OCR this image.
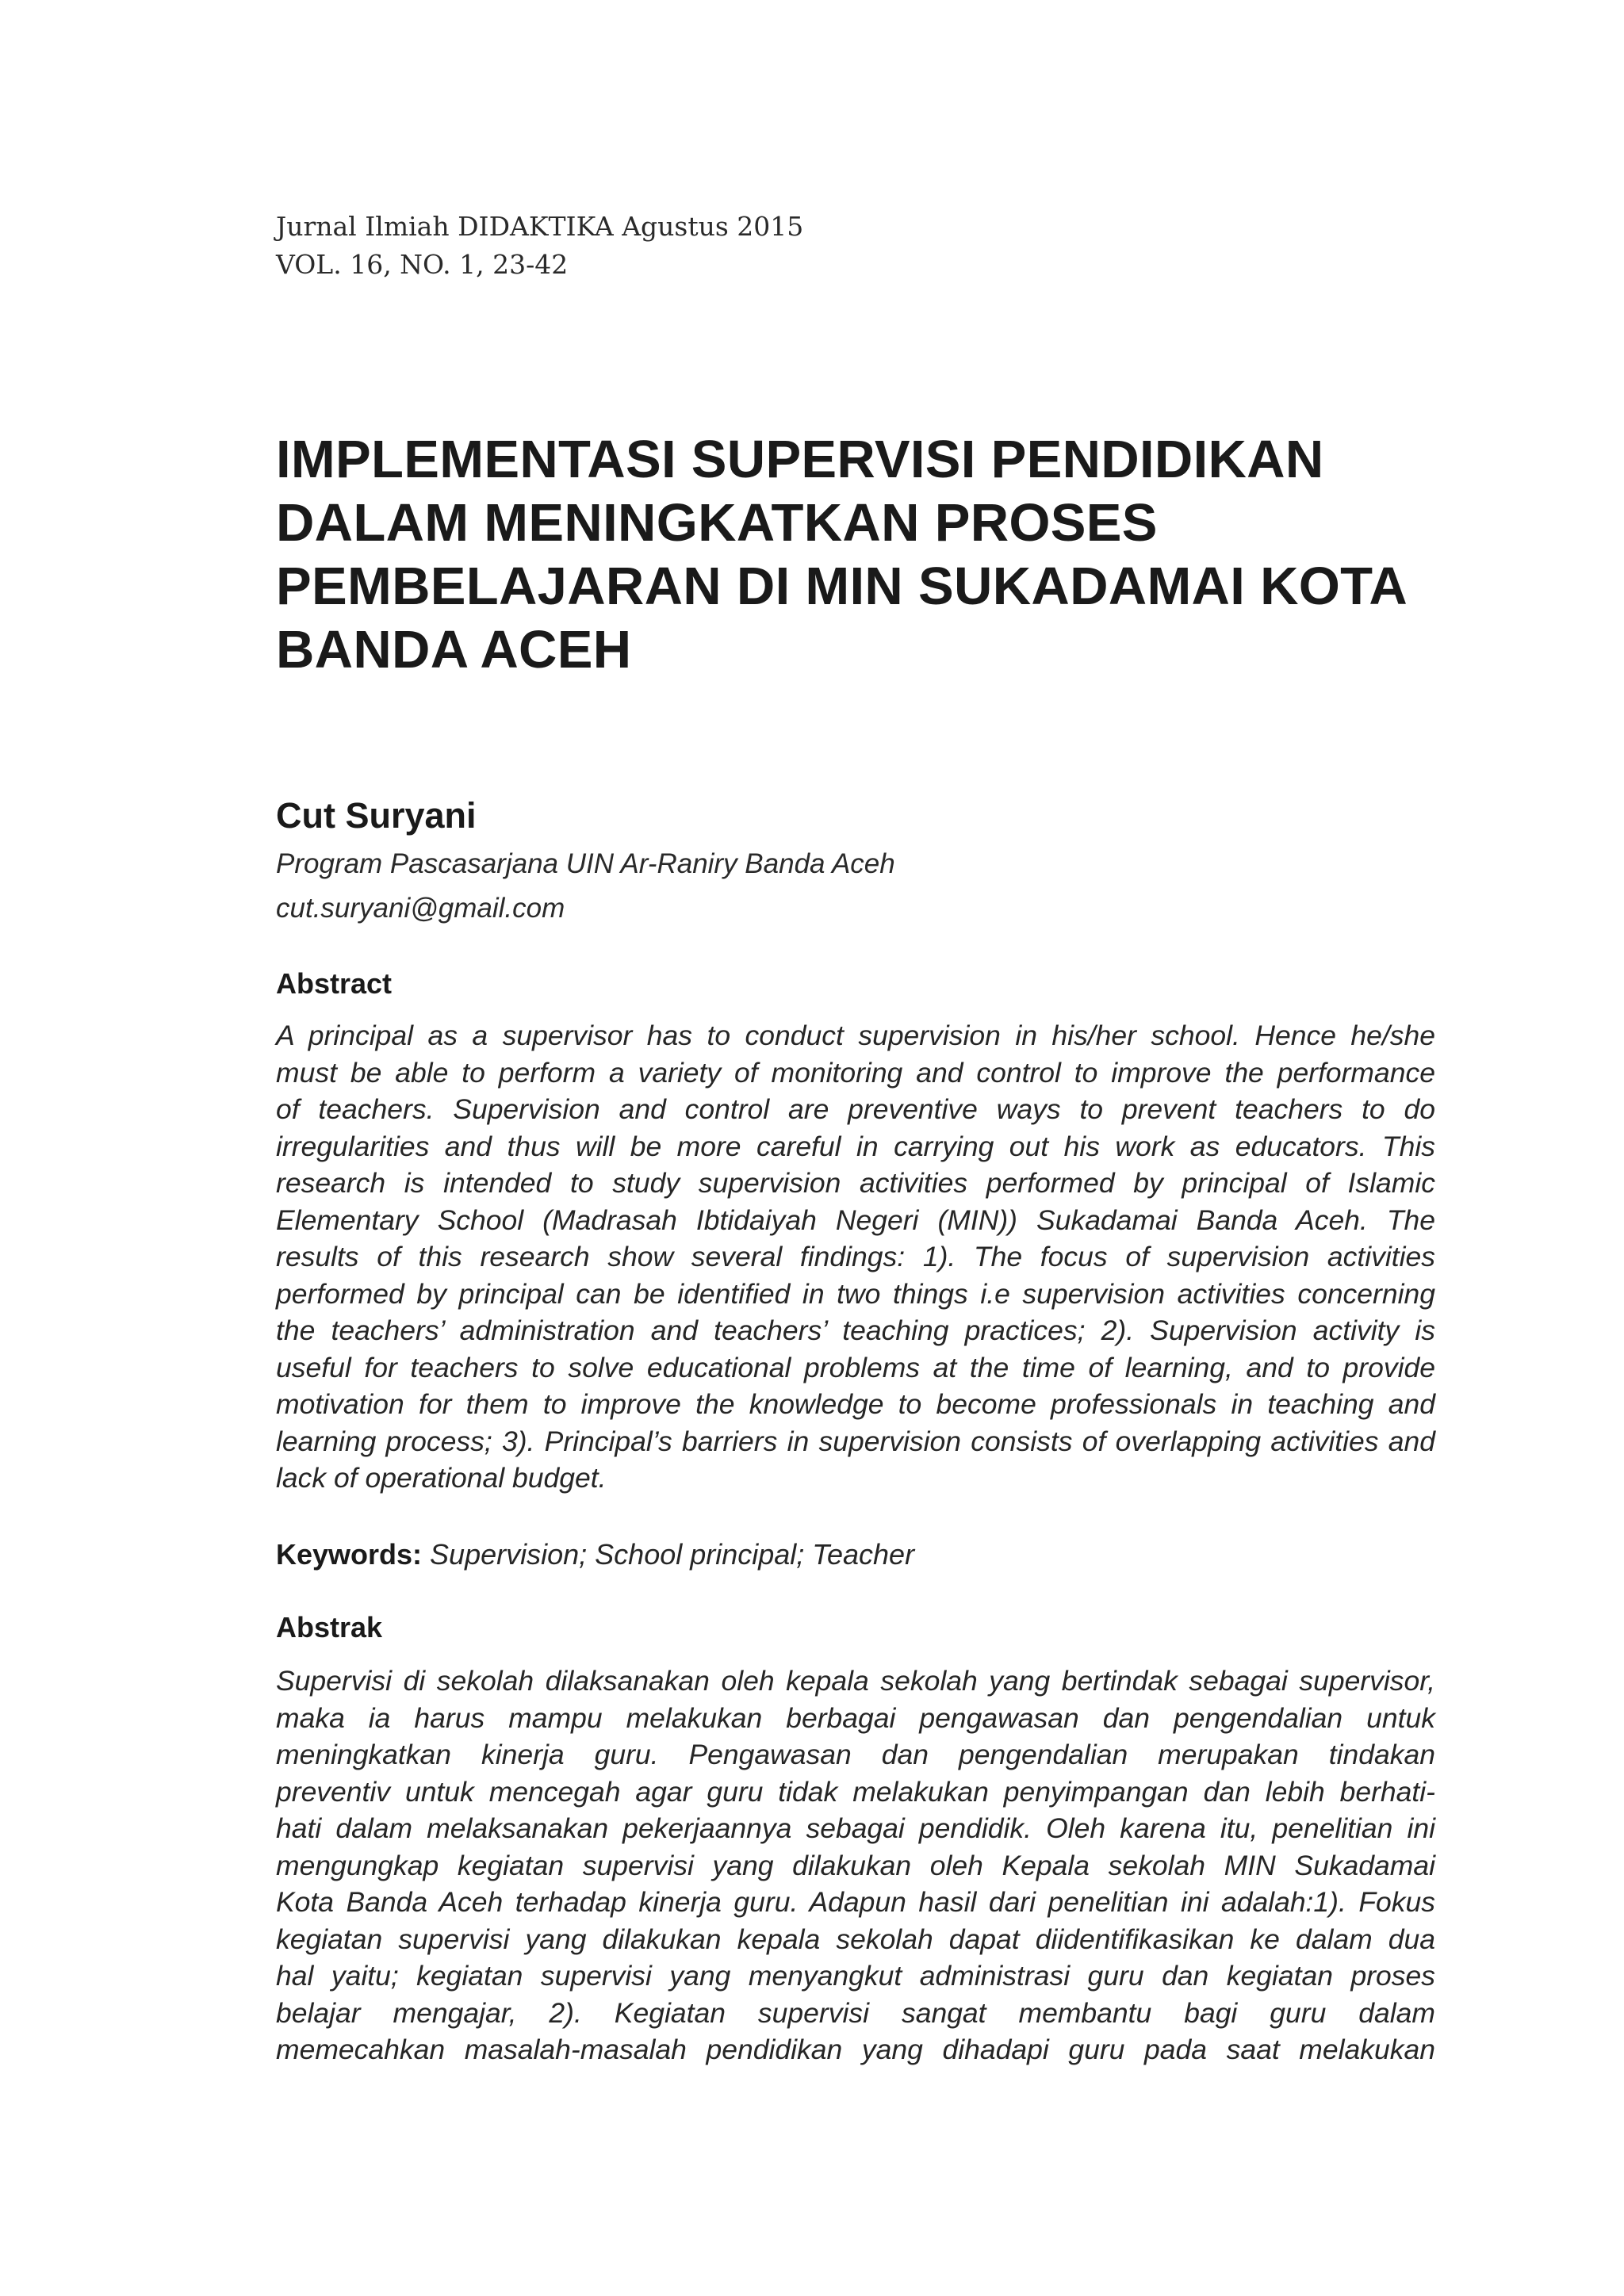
Jurnal Ilmiah DIDAKTIKA Agustus 2015
VOL. 16, NO. 1, 23-42
IMPLEMENTASI SUPERVISI PENDIDIKAN
DALAM MENINGKATKAN PROSES
PEMBELAJARAN DI MIN SUKADAMAI KOTA
BANDA ACEH
Cut Suryani
Program Pascasarjana UIN Ar-Raniry Banda Aceh
cut.suryani@gmail.com
Abstract
A principal as a supervisor has to conduct supervision in his/her school. Hence he/she
must be able to perform a variety of monitoring and control to improve the performance
of teachers. Supervision and control are preventive ways to prevent teachers to do
irregularities and thus will be more careful in carrying out his work as educators. This
research is intended to study supervision activities performed by principal of Islamic
Elementary School (Madrasah Ibtidaiyah Negeri (MIN)) Sukadamai Banda Aceh. The
results of this research show several findings: 1). The focus of supervision activities
performed by principal can be identified in two things i.e supervision activities concerning
the teachers’ administration and teachers’ teaching practices; 2). Supervision activity is
useful for teachers to solve educational problems at the time of learning, and to provide
motivation for them to improve the knowledge to become professionals in teaching and
learning process; 3). Principal’s barriers in supervision consists of overlapping activities and
lack of operational budget.
Keywords: Supervision; School principal; Teacher
Abstrak
Supervisi di sekolah dilaksanakan oleh kepala sekolah yang bertindak sebagai supervisor,
maka ia harus mampu melakukan berbagai pengawasan dan pengendalian untuk
meningkatkan kinerja guru. Pengawasan dan pengendalian merupakan tindakan
preventiv untuk mencegah agar guru tidak melakukan penyimpangan dan lebih berhati-
hati dalam melaksanakan pekerjaannya sebagai pendidik. Oleh karena itu, penelitian ini
mengungkap kegiatan supervisi yang dilakukan oleh Kepala sekolah MIN Sukadamai
Kota Banda Aceh terhadap kinerja guru. Adapun hasil dari penelitian ini adalah:1). Fokus
kegiatan supervisi yang dilakukan kepala sekolah dapat diidentifikasikan ke dalam dua
hal yaitu; kegiatan supervisi yang menyangkut administrasi guru dan kegiatan proses
belajar mengajar, 2). Kegiatan supervisi sangat membantu bagi guru dalam
memecahkan masalah-masalah pendidikan yang dihadapi guru pada saat melakukan
